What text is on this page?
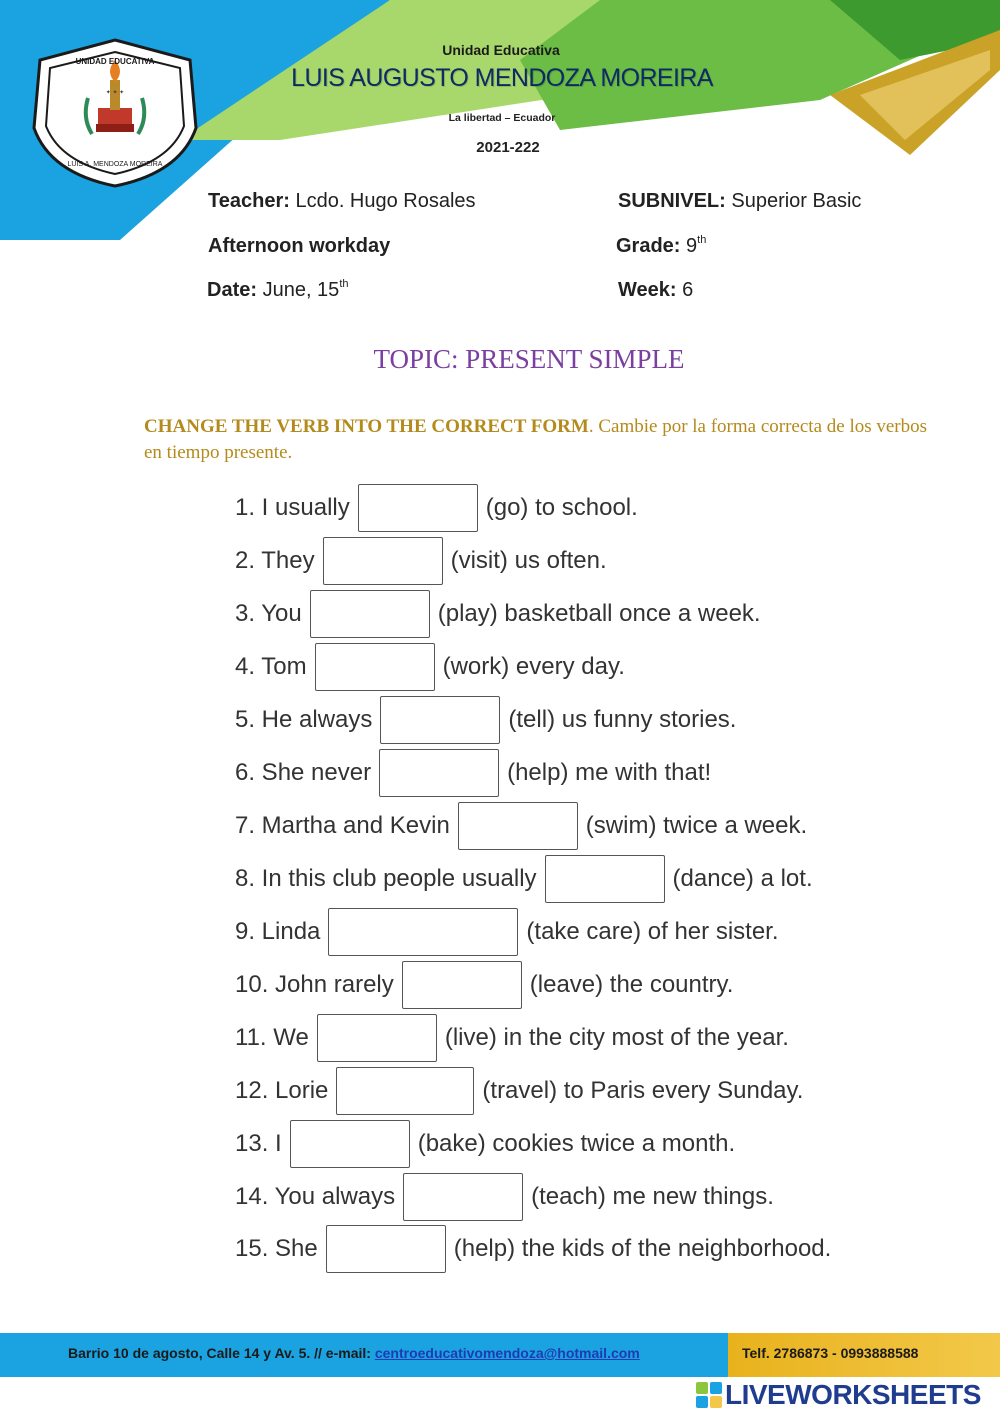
✦ ✦ ✦
LUIS A. MENDOZA MOREIRA
UNIDAD EDUCATIVA
Unidad Educativa
LUIS AUGUSTO MENDOZA MOREIRA
La libertad – Ecuador
2021-222
Teacher: Lcdo. Hugo Rosales	SUBNIVEL: Superior Basic
Afternoon workday	Grade: 9th
Date: June, 15th	Week: 6
TOPIC: PRESENT SIMPLE
CHANGE THE VERB INTO THE CORRECT FORM. Cambie por la forma correcta de los verbos en tiempo presente.
1. I usually	(go) to school.
2. They	(visit) us often.
3. You	(play) basketball once a week.
4. Tom	(work) every day.
5. He always	(tell) us funny stories.
6. She never	(help) me with that!
7. Martha and Kevin	(swim) twice a week.
8. In this club people usually	(dance) a lot.
9. Linda	(take care) of her sister.
10. John rarely	(leave) the country.
11. We	(live) in the city most of the year.
12. Lorie	(travel) to Paris every Sunday.
13. I	(bake) cookies twice a month.
14. You always	(teach) me new things.
15. She	(help) the kids of the neighborhood.
Barrio 10 de agosto, Calle 14 y Av. 5. // e-mail: centroeducativomendoza@hotmail.com	Telf. 2786873 - 0993888588
LIVEWORKSHEETS
